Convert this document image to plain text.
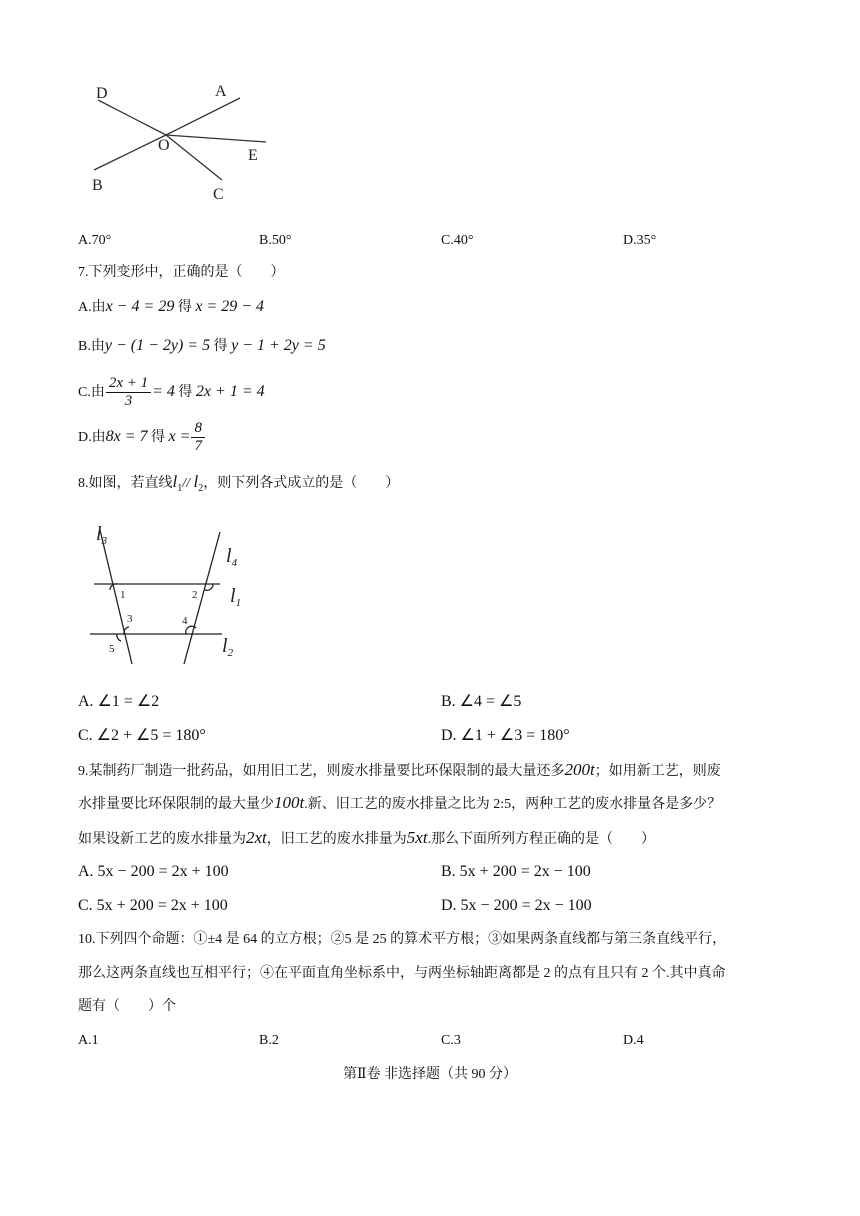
D	A
O
E
B
C
A.70°	B.50°	C.40°	D.35°
7.下列变形中，正确的是（　　）
A.由x − 4 = 29 得 x = 29 − 4
B.由y − (1 − 2y) = 5 得 y − 1 + 2y = 5
C.由 $\frac{2x + 1}{3} = 4$ 得 2x + 1 = 4
D.由8x = 7 得 $x = \frac{8}{7}$
8.如图，若直线$l_1//$ $l_2$，则下列各式成立的是（　　）
$l_3$
$l_4$
$l_1$
$l_2$
1	2
3	4
5
A. ∠1 = ∠2	B. ∠4 = ∠5
C. ∠2 + ∠5 = 180°	D. ∠1 + ∠3 = 180°
9.某制药厂制造一批药品，如用旧工艺，则废水排量要比环保限制的最大量还多200t；如用新工艺，则废
水排量要比环保限制的最大量少100t.新、旧工艺的废水排量之比为 2:5，两种工艺的废水排量各是多少？
如果设新工艺的废水排量为2xt，旧工艺的废水排量为5xt.那么下面所列方程正确的是（　　）
A. 5x − 200 = 2x + 100	B. 5x + 200 = 2x − 100
C. 5x + 200 = 2x + 100	D. 5x − 200 = 2x − 100
10.下列四个命题：①±4 是 64 的立方根；②5 是 25 的算术平方根；③如果两条直线都与第三条直线平行，
那么这两条直线也互相平行；④在平面直角坐标系中，与两坐标轴距离都是 2 的点有且只有 2 个.其中真命
题有（　　）个
A.1	B.2	C.3	D.4
第Ⅱ卷 非选择题（共 90 分）
